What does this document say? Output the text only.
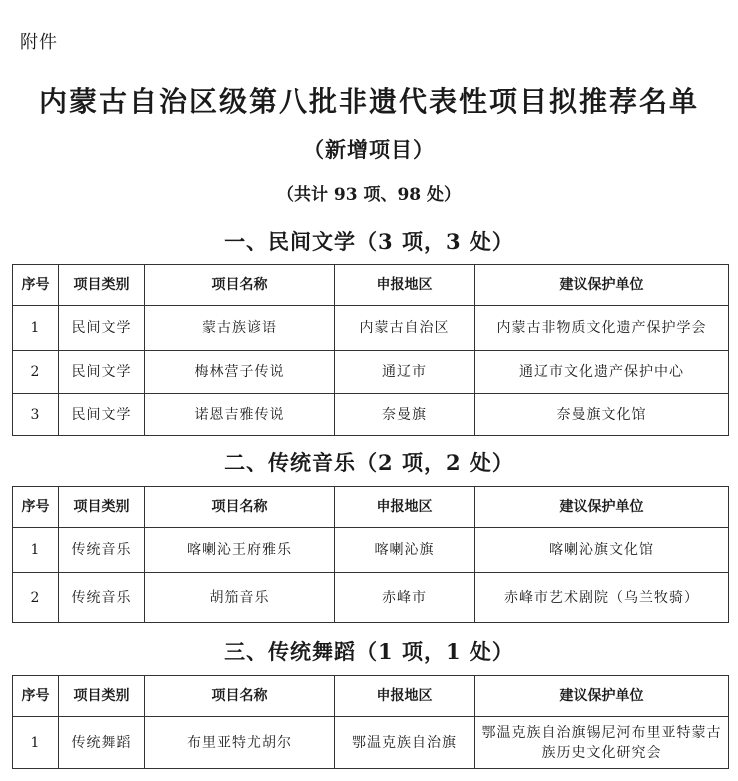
附件
内蒙古自治区级第八批非遗代表性项目拟推荐名单
（新增项目）
（共计 93 项、98 处）
一、民间文学（3 项，3 处）
序号	项目类别	项目名称	申报地区	建议保护单位
1	民间文学	蒙古族谚语	内蒙古自治区	内蒙古非物质文化遗产保护学会
2	民间文学	梅林营子传说	通辽市	通辽市文化遗产保护中心
3	民间文学	诺恩吉雅传说	奈曼旗	奈曼旗文化馆
二、传统音乐（2 项，2 处）
序号	项目类别	项目名称	申报地区	建议保护单位
1	传统音乐	喀喇沁王府雅乐	喀喇沁旗	喀喇沁旗文化馆
2	传统音乐	胡笳音乐	赤峰市	赤峰市艺术剧院（乌兰牧骑）
三、传统舞蹈（1 项，1 处）
序号	项目类别	项目名称	申报地区	建议保护单位
1	传统舞蹈	布里亚特尤胡尔	鄂温克族自治旗	鄂温克族自治旗锡尼河布里亚特蒙古族历史文化研究会
